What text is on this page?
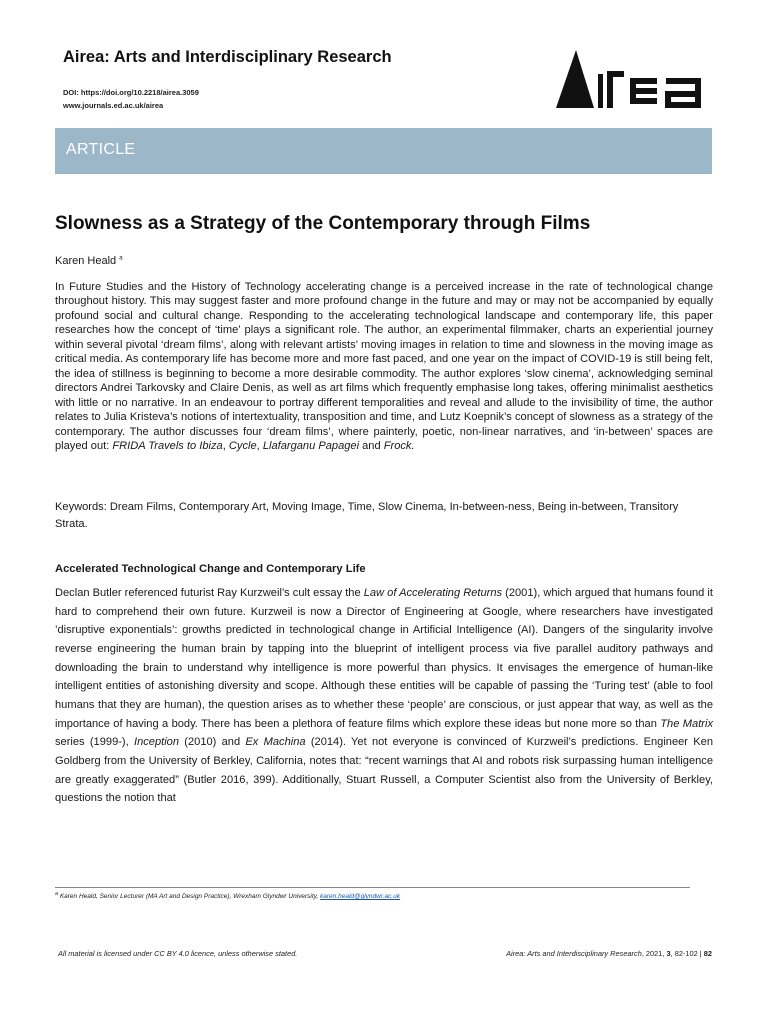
Airea: Arts and Interdisciplinary Research
DOI: https://doi.org/10.2218/airea.3059
www.journals.ed.ac.uk/airea
ARTICLE
Slowness as a Strategy of the Contemporary through Films
Karen Heald $^a$

In Future Studies and the History of Technology accelerating change is a perceived increase in the rate of technological change throughout history. This may suggest faster and more profound change in the future and may or may not be accompanied by equally profound social and cultural change. Responding to the accelerating technological landscape and contemporary life, this paper researches how the concept of ‘time’ plays a significant role. The author, an experimental filmmaker, charts an experiential journey within several pivotal ‘dream films’, along with relevant artists’ moving images in relation to time and slowness in the moving image as critical media. As contemporary life has become more and more fast paced, and one year on the impact of COVID-19 is still being felt, the idea of stillness is beginning to become a more desirable commodity. The author explores ‘slow cinema’, acknowledging seminal directors Andrei Tarkovsky and Claire Denis, as well as art films which frequently emphasise long takes, offering minimalist aesthetics with little or no narrative. In an endeavour to portray different temporalities and reveal and allude to the invisibility of time, the author relates to Julia Kristeva’s notions of intertextuality, transposition and time, and Lutz Koepnik’s concept of slowness as a strategy of the contemporary. The author discusses four ‘dream films’, where painterly, poetic, non-linear narratives, and ‘in-between’ spaces are played out: FRIDA Travels to Ibiza, Cycle, Llafarganu Papagei and Frock.

Keywords: Dream Films, Contemporary Art, Moving Image, Time, Slow Cinema, In-between-ness, Being in-between, Transitory Strata.

Accelerated Technological Change and Contemporary Life

Declan Butler referenced futurist Ray Kurzweil’s cult essay the Law of Accelerating Returns (2001), which argued that humans found it hard to comprehend their own future. Kurzweil is now a Director of Engineering at Google, where researchers have investigated ’disruptive exponentials’: growths predicted in technological change in Artificial Intelligence (AI). Dangers of the singularity involve reverse engineering the human brain by tapping into the blueprint of intelligent process via five parallel auditory pathways and downloading the brain to understand why intelligence is more powerful than physics. It envisages the emergence of human-like intelligent entities of astonishing diversity and scope. Although these entities will be capable of passing the ‘Turing test’ (able to fool humans that they are human), the question arises as to whether these ‘people’ are conscious, or just appear that way, as well as the importance of having a body. There has been a plethora of feature films which explore these ideas but none more so than The Matrix series (1999-), Inception (2010) and Ex Machina (2014). Yet not everyone is convinced of Kurzweil’s predictions. Engineer Ken Goldberg from the University of Berkley, California, notes that: “recent warnings that AI and robots risk surpassing human intelligence are greatly exaggerated” (Butler 2016, 399). Additionally, Stuart Russell, a Computer Scientist also from the University of Berkley, questions the notion that

$^a$ Karen Heald, Senior Lecturer (MA Art and Design Practice), Wrexham Glyndwr University, karen.heald@glyndwr.ac.uk
All material is licensed under CC BY 4.0 licence, unless otherwise stated.	Airea: Arts and Interdisciplinary Research, 2021, 3, 82-102 | 82
